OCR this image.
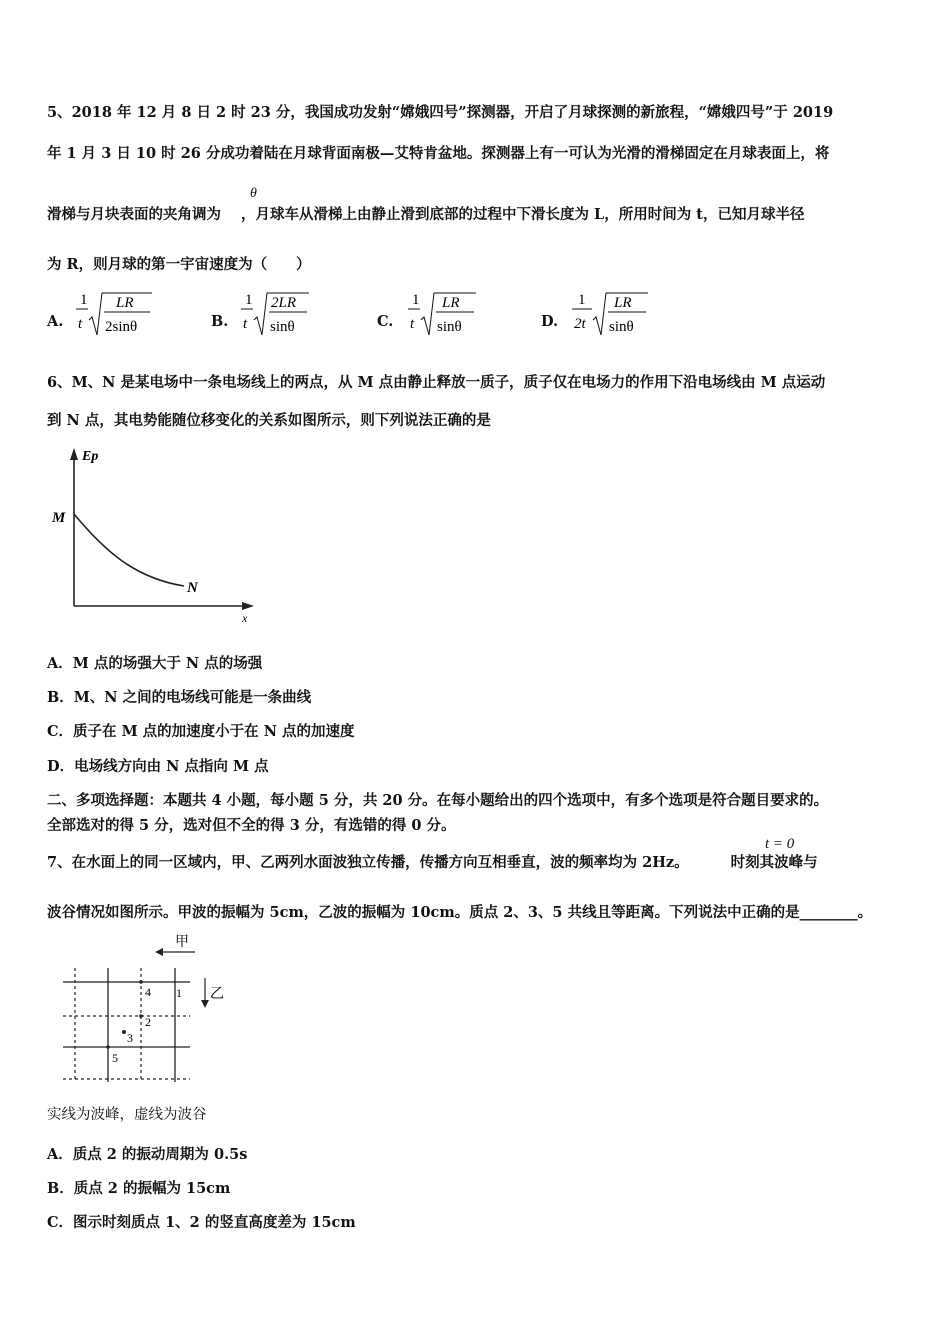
5、2018 年 12 月 8 日 2 时 23 分，我国成功发射“嫦娥四号”探测器，开启了月球探测的新旅程，“嫦娥四号”于 2019
年 1 月 3 日 10 时 26 分成功着陆在月球背面南极—艾特肯盆地。探测器上有一可认为光滑的滑梯固定在月球表面上，将
滑梯与月块表面的夹角调为 ，月球车从滑梯上由静止滑到底部的过程中下滑长度为 L，所用时间为 t，已知月球半径
θ
为 R，则月球的第一宇宙速度为（　　）
A.
1
t
LR
2sinθ	B.
1
t
2LR
sinθ	C.
1
t
LR
sinθ	D.
1
2t
LR
sinθ
6、M、N 是某电场中一条电场线上的两点，从 M 点由静止释放一质子，质子仅在电场力的作用下沿电场线由 M 点运动
到 N 点，其电势能随位移变化的关系如图所示，则下列说法正确的是
Ep
x
M
N
A．M 点的场强大于 N 点的场强
B．M、N 之间的电场线可能是一条曲线
C．质子在 M 点的加速度小于在 N 点的加速度
D．电场线方向由 N 点指向 M 点
二、多项选择题：本题共 4 小题，每小题 5 分，共 20 分。在每小题给出的四个选项中，有多个选项是符合题目要求的。
全部选对的得 5 分，选对但不全的得 3 分，有选错的得 0 分。
7、在水面上的同一区域内，甲、乙两列水面波独立传播，传播方向互相垂直，波的频率均为 2Hz。	时刻其波峰与
t = 0
波谷情况如图所示。甲波的振幅为 5cm，乙波的振幅为 10cm。质点 2、3、5 共线且等距离。下列说法中正确的是________。
甲
乙
4 1
2
3
5
实线为波峰，虚线为波谷
A．质点 2 的振动周期为 0.5s
B．质点 2 的振幅为 15cm
C．图示时刻质点 1、2 的竖直高度差为 15cm
